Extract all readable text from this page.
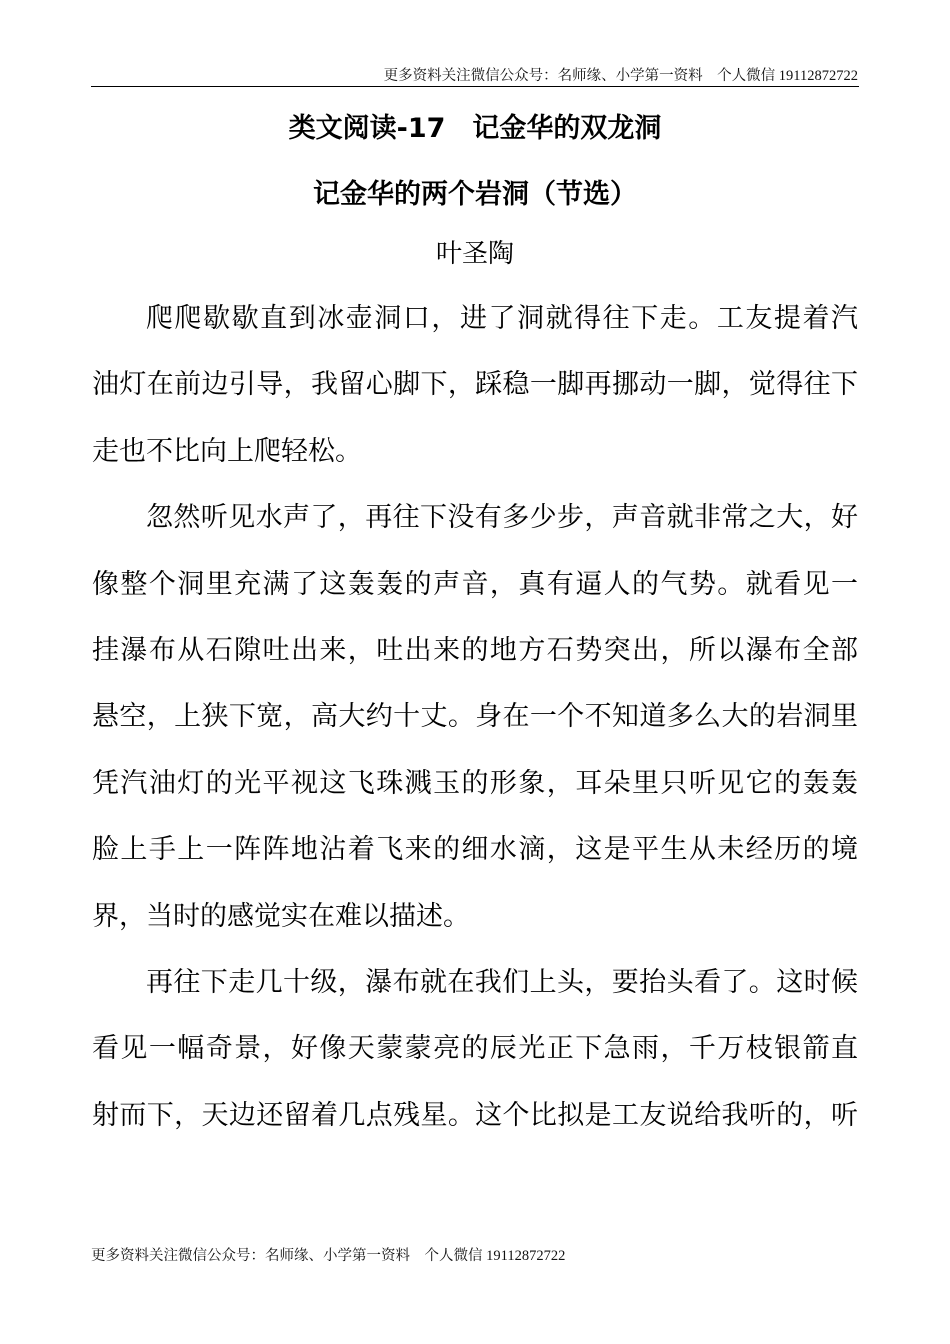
更多资料关注微信公众号：名师缘、小学第一资料　个人微信 19112872722
类文阅读-17　记金华的双龙洞
记金华的两个岩洞（节选）
叶圣陶
爬爬歇歇直到冰壶洞口，进了洞就得往下走。工友提着汽
油灯在前边引导，我留心脚下，踩稳一脚再挪动一脚，觉得往下
走也不比向上爬轻松。
忽然听见水声了，再往下没有多少步，声音就非常之大，好
像整个洞里充满了这轰轰的声音，真有逼人的气势。就看见一
挂瀑布从石隙吐出来，吐出来的地方石势突出，所以瀑布全部
悬空，上狭下宽，高大约十丈。身在一个不知道多么大的岩洞里
凭汽油灯的光平视这飞珠溅玉的形象，耳朵里只听见它的轰轰
脸上手上一阵阵地沾着飞来的细水滴，这是平生从未经历的境
界，当时的感觉实在难以描述。
再往下走几十级，瀑布就在我们上头，要抬头看了。这时候
看见一幅奇景，好像天蒙蒙亮的辰光正下急雨，千万枝银箭直
射而下，天边还留着几点残星。这个比拟是工友说给我听的，听
更多资料关注微信公众号：名师缘、小学第一资料　个人微信 19112872722
